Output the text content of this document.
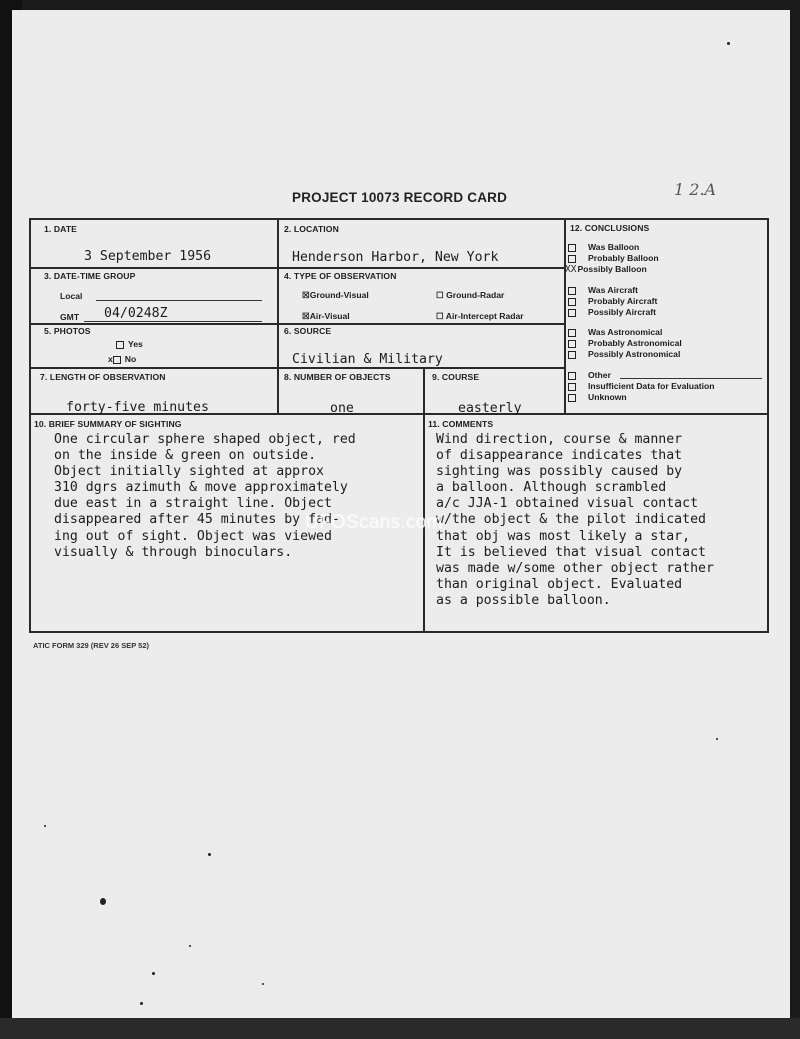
PROJECT 10073 RECORD CARD	1 2.A
1. DATE
3 September 1956
2. LOCATION
Henderson Harbor, New York
3. DATE-TIME GROUP
Local
GMT 04/0248Z
4. TYPE OF OBSERVATION
☒Ground-Visual	☐ Ground-Radar
☒Air-Visual	☐ Air-Intercept Radar
5. PHOTOS
Yes
x No
6. SOURCE
Civilian & Military
7. LENGTH OF OBSERVATION
forty-five minutes
8. NUMBER OF OBJECTS
one
9. COURSE
easterly
10. BRIEF SUMMARY OF SIGHTING
One circular sphere shaped object, red
on the inside & green on outside.
Object initially sighted at approx
310 dgrs azimuth & move approximately
due east in a straight line. Object
disappeared after 45 minutes by fad-
ing out of sight. Object was viewed
visually & through binoculars.
11. COMMENTS
Wind direction, course & manner
of disappearance indicates that
sighting was possibly caused by
a balloon. Although scrambled
a/c JJA-1 obtained visual contact
w/the object & the pilot indicated
that obj was most likely a star,
It is believed that visual contact
was made w/some other object rather
than original object. Evaluated
as a possible balloon.
12. CONCLUSIONS
Was Balloon
Probably Balloon
XXPossibly Balloon
Was Aircraft
Probably Aircraft
Possibly Aircraft
Was Astronomical
Probably Astronomical
Possibly Astronomical
Other
Insufficient Data for Evaluation
Unknown
ATIC FORM 329 (REV 26 SEP 52)
UFOScans.com
